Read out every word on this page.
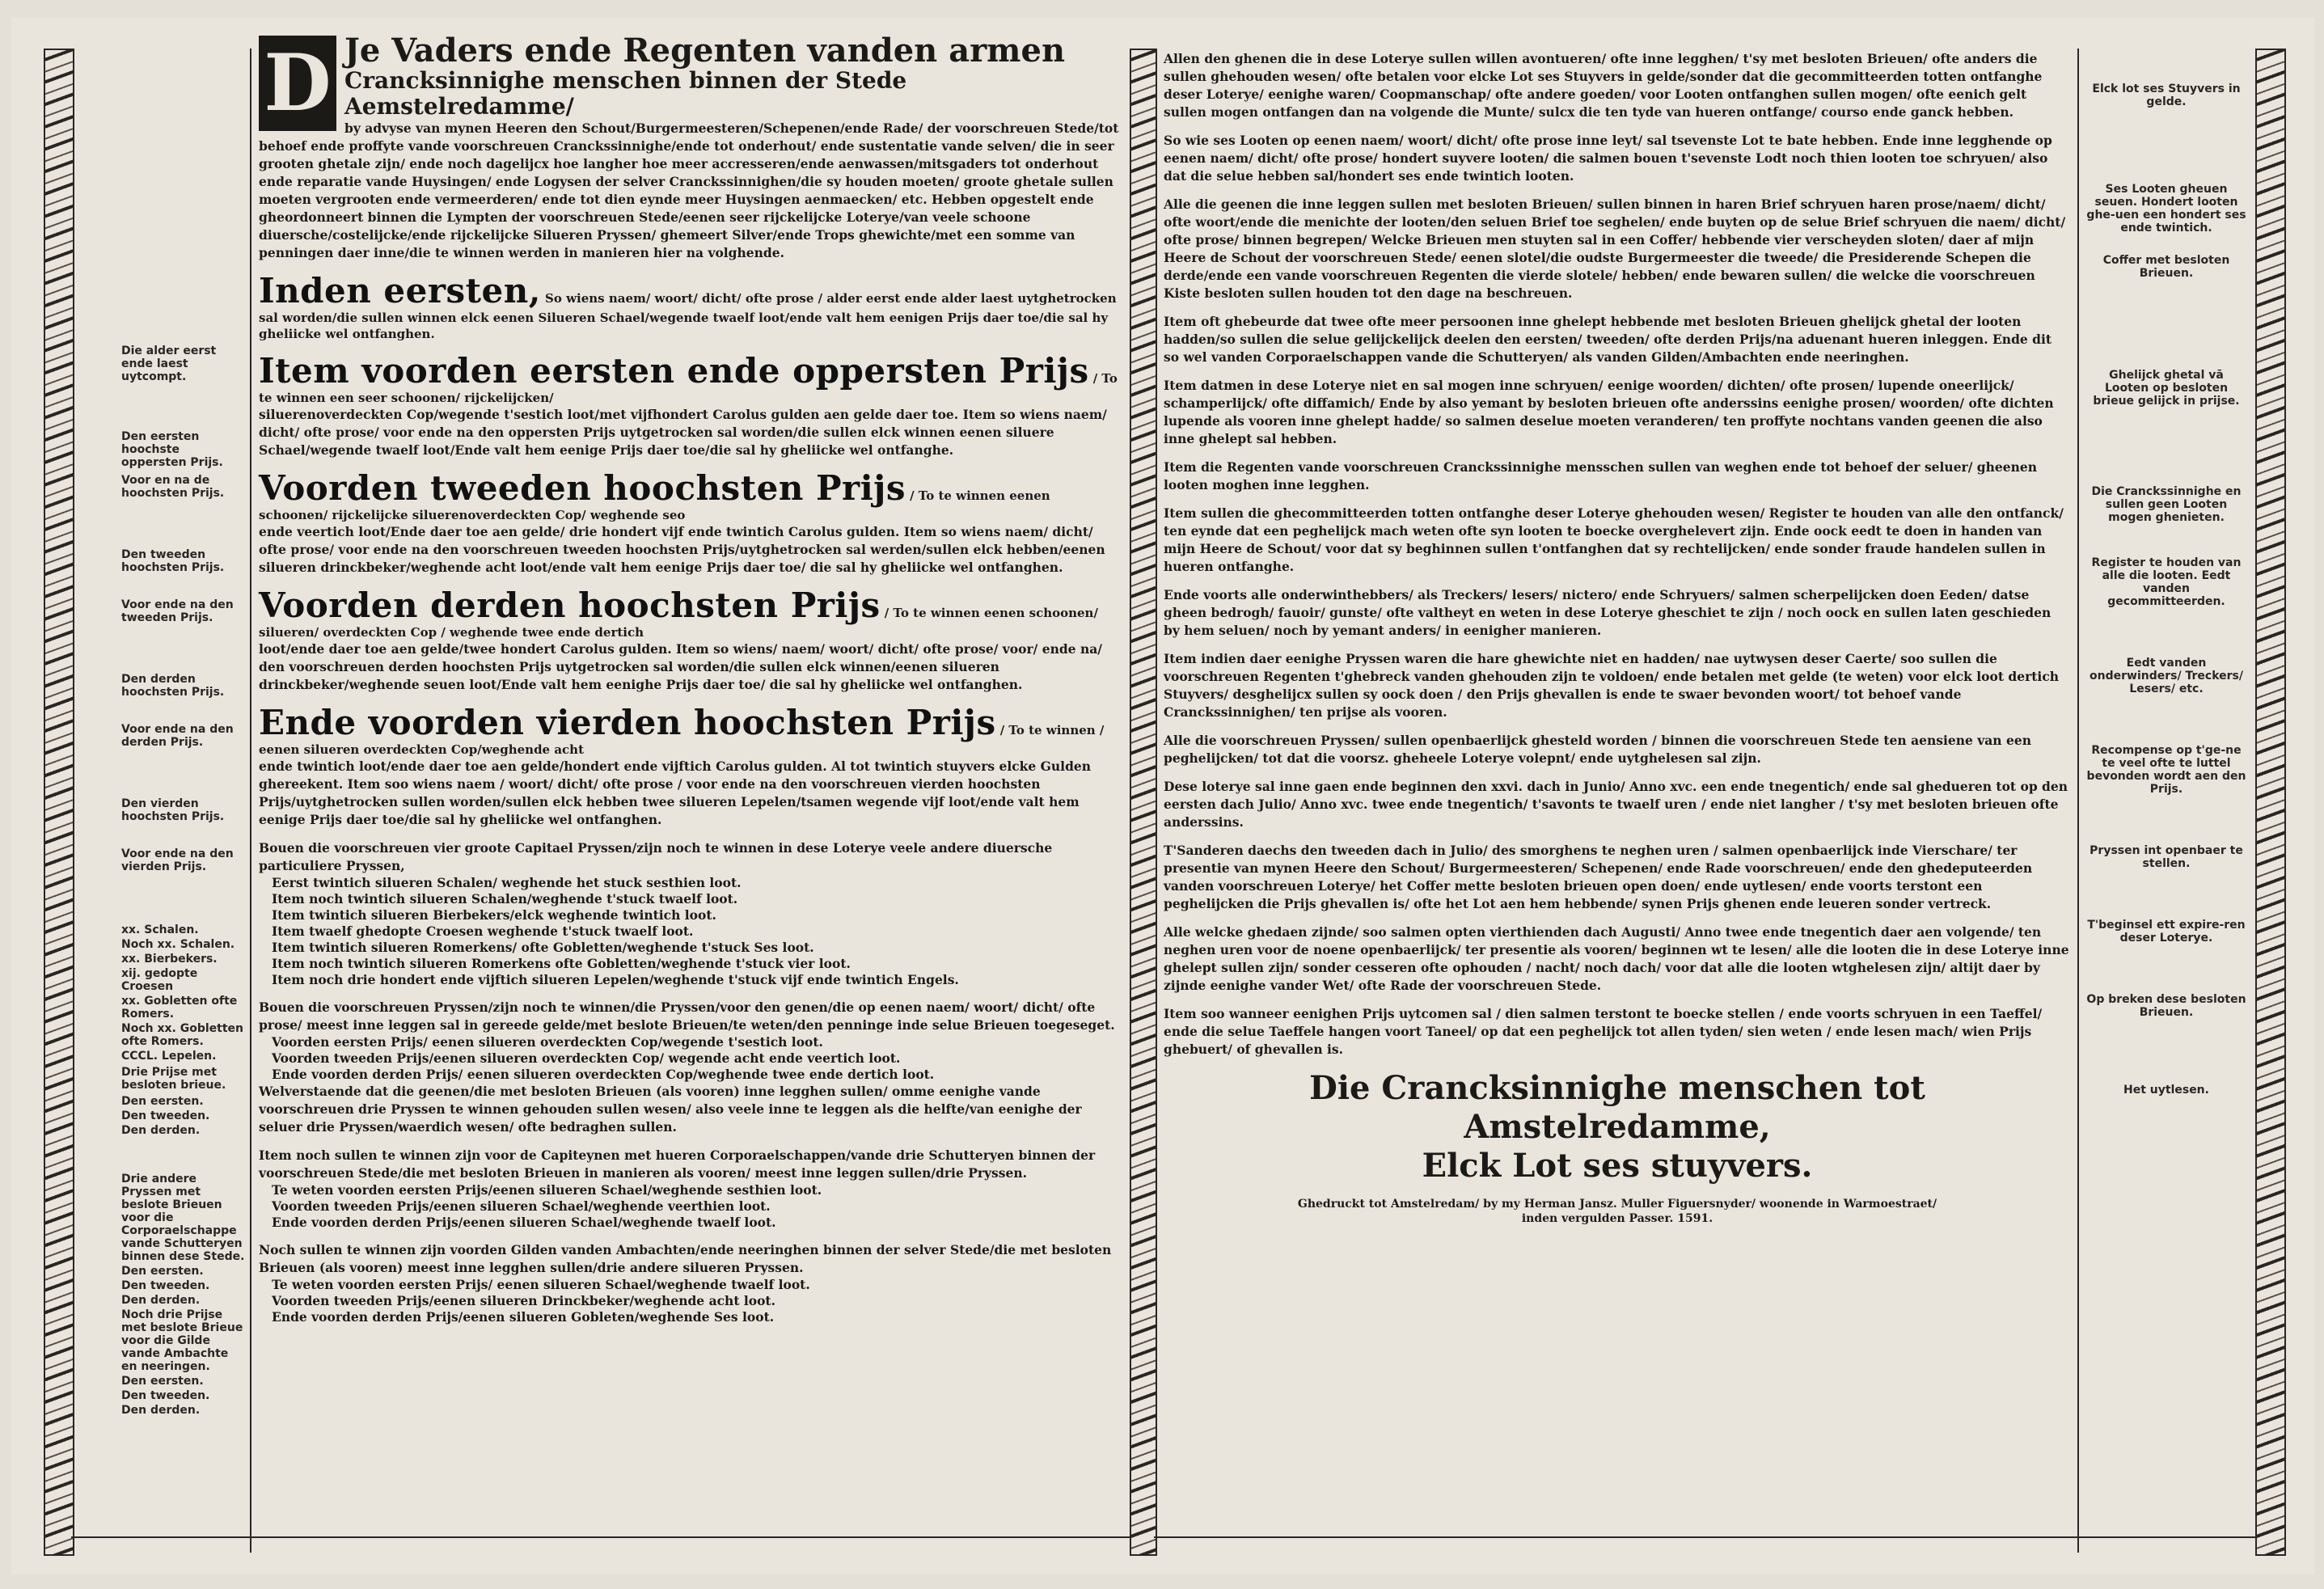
Die alder eerst ende laest uytcompt.
Den eersten hoochste oppersten Prijs.
Voor en na de hoochsten Prijs.
Den tweeden hoochsten Prijs.
Voor ende na den tweeden Prijs.
Den derden hoochsten Prijs.
Voor ende na den derden Prijs.
Den vierden hoochsten Prijs.
Voor ende na den vierden Prijs.
xx. Schalen.
Noch xx. Schalen.
xx. Bierbekers.
xij. gedopte Croesen
xx. Gobletten ofte Romers.
Noch xx. Gobletten ofte Romers.
CCCL. Lepelen.
Drie Prijse met besloten brieue.
Den eersten.
Den tweeden.
Den derden.
Drie andere Pryssen met beslote Brieuen voor die Corporaelschappe vande Schutteryen binnen dese Stede.
Den eersten.
Den tweeden.
Den derden.
Noch drie Prijse met beslote Brieue voor die Gilde vande Ambachte en neeringen.
Den eersten.
Den tweeden.
Den derden.
D Je Vaders ende Regenten vanden armen
Crancksinnighe menschen binnen der Stede Aemstelredamme/

by advyse van mynen Heeren den Schout/Burgermeesteren/Schepenen/ende Rade/ der voorschreuen Stede/tot behoef ende proffyte vande voorschreuen Cranckssinnighe/ende tot onderhout/ ende sustentatie vande selven/ die in seer grooten ghetale zijn/ ende noch dagelijcx hoe langher hoe meer accresseren/ende aenwassen/mitsgaders tot onderhout ende reparatie vande Huysingen/ ende Logysen der selver Cranckssinnighen/die sy houden moeten/ groote ghetale sullen moeten vergrooten ende vermeerderen/ ende tot dien eynde meer Huysingen aenmaecken/ etc. Hebben opgestelt ende gheordonneert binnen die Lympten der voorschreuen Stede/eenen seer rijckelijcke Loterye/van veele schoone diuersche/costelijcke/ende rijckelijcke Silueren Pryssen/ ghemeert Silver/ende Trops ghewichte/met een somme van penningen daer inne/die te winnen werden in manieren hier na volghende.

Inden eersten, So wiens naem/ woort/ dicht/ ofte prose / alder eerst ende alder laest uytghetrocken sal worden/die sullen winnen elck eenen Silueren Schael/wegende twaelf loot/ende valt hem eenigen Prijs daer toe/die sal hy gheliicke wel ontfanghen.
Item voorden eersten ende oppersten Prijs / To te winnen een seer schoonen/ rijckelijcken/

siluerenoverdeckten Cop/wegende t'sestich loot/met vijfhondert Carolus gulden aen gelde daer toe. Item so wiens naem/ dicht/ ofte prose/ voor ende na den oppersten Prijs uytgetrocken sal worden/die sullen elck winnen eenen siluere Schael/wegende twaelf loot/Ende valt hem eenige Prijs daer toe/die sal hy gheliicke wel ontfanghe.

Voorden tweeden hoochsten Prijs / To te winnen eenen schoonen/ rijckelijcke siluerenoverdeckten Cop/ weghende seo

ende veertich loot/Ende daer toe aen gelde/ drie hondert vijf ende twintich Carolus gulden. Item so wiens naem/ dicht/ ofte prose/ voor ende na den voorschreuen tweeden hoochsten Prijs/uytghetrocken sal werden/sullen elck hebben/eenen silueren drinckbeker/weghende acht loot/ende valt hem eenige Prijs daer toe/ die sal hy gheliicke wel ontfanghen.

Voorden derden hoochsten Prijs / To te winnen eenen schoonen/ silueren/ overdeckten Cop / weghende twee ende dertich

loot/ende daer toe aen gelde/twee hondert Carolus gulden. Item so wiens/ naem/ woort/ dicht/ ofte prose/ voor/ ende na/ den voorschreuen derden hoochsten Prijs uytgetrocken sal worden/die sullen elck winnen/eenen silueren drinckbeker/weghende seuen loot/Ende valt hem eenighe Prijs daer toe/ die sal hy gheliicke wel ontfanghen.

Ende voorden vierden hoochsten Prijs / To te winnen / eenen silueren overdeckten Cop/weghende acht

ende twintich loot/ende daer toe aen gelde/hondert ende vijftich Carolus gulden. Al tot twintich stuyvers elcke Gulden ghereekent. Item soo wiens naem / woort/ dicht/ ofte prose / voor ende na den voorschreuen vierden hoochsten Prijs/uytghetrocken sullen worden/sullen elck hebben twee silueren Lepelen/tsamen wegende vijf loot/ende valt hem eenige Prijs daer toe/die sal hy gheliicke wel ontfanghen.

Bouen die voorschreuen vier groote Capitael Pryssen/zijn noch te winnen in dese Loterye veele andere diuersche particuliere Pryssen,

Eerst twintich silueren Schalen/ weghende het stuck sesthien loot.
Item noch twintich silueren Schalen/weghende t'stuck twaelf loot.
Item twintich silueren Bierbekers/elck weghende twintich loot.
Item twaelf ghedopte Croesen weghende t'stuck twaelf loot.
Item twintich silueren Romerkens/ ofte Gobletten/weghende t'stuck Ses loot.
Item noch twintich silueren Romerkens ofte Gobletten/weghende t'stuck vier loot.
Item noch drie hondert ende vijftich silueren Lepelen/weghende t'stuck vijf ende twintich Engels.

Bouen die voorschreuen Pryssen/zijn noch te winnen/die Pryssen/voor den genen/die op eenen naem/ woort/ dicht/ ofte prose/ meest inne leggen sal in gereede gelde/met beslote Brieuen/te weten/den penninge inde selue Brieuen toegeseget.

Voorden eersten Prijs/ eenen silueren overdeckten Cop/wegende t'sestich loot.
Voorden tweeden Prijs/eenen silueren overdeckten Cop/ wegende acht ende veertich loot.
Ende voorden derden Prijs/ eenen silueren overdeckten Cop/weghende twee ende dertich loot.

Welverstaende dat die geenen/die met besloten Brieuen (als vooren) inne legghen sullen/ omme eenighe vande voorschreuen drie Pryssen te winnen gehouden sullen wesen/ also veele inne te leggen als die helfte/van eenighe der seluer drie Pryssen/waerdich wesen/ ofte bedraghen sullen.

Item noch sullen te winnen zijn voor de Capiteynen met hueren Corporaelschappen/vande drie Schutteryen binnen der voorschreuen Stede/die met besloten Brieuen in manieren als vooren/ meest inne leggen sullen/drie Pryssen.

Te weten voorden eersten Prijs/eenen silueren Schael/weghende sesthien loot.
Voorden tweeden Prijs/eenen silueren Schael/weghende veerthien loot.
Ende voorden derden Prijs/eenen silueren Schael/weghende twaelf loot.

Noch sullen te winnen zijn voorden Gilden vanden Ambachten/ende neeringhen binnen der selver Stede/die met besloten Brieuen (als vooren) meest inne legghen sullen/drie andere silueren Pryssen.

Te weten voorden eersten Prijs/ eenen silueren Schael/weghende twaelf loot.
Voorden tweeden Prijs/eenen silueren Drinckbeker/weghende acht loot.
Ende voorden derden Prijs/eenen silueren Gobleten/weghende Ses loot.

Allen den ghenen die in dese Loterye sullen willen avontueren/ ofte inne legghen/ t'sy met besloten Brieuen/ ofte anders die sullen ghehouden wesen/ ofte betalen voor elcke Lot ses Stuyvers in gelde/sonder dat die gecommitteerden totten ontfanghe deser Loterye/ eenighe waren/ Coopmanschap/ ofte andere goeden/ voor Looten ontfanghen sullen mogen/ ofte eenich gelt sullen mogen ontfangen dan na volgende die Munte/ sulcx die ten tyde van hueren ontfange/ courso ende ganck hebben.

So wie ses Looten op eenen naem/ woort/ dicht/ ofte prose inne leyt/ sal tsevenste Lot te bate hebben. Ende inne legghende op eenen naem/ dicht/ ofte prose/ hondert suyvere looten/ die salmen bouen t'sevenste Lodt noch thien looten toe schryuen/ also dat die selue hebben sal/hondert ses ende twintich looten.

Alle die geenen die inne leggen sullen met besloten Brieuen/ sullen binnen in haren Brief schryuen haren prose/naem/ dicht/ ofte woort/ende die menichte der looten/den seluen Brief toe seghelen/ ende buyten op de selue Brief schryuen die naem/ dicht/ ofte prose/ binnen begrepen/ Welcke Brieuen men stuyten sal in een Coffer/ hebbende vier verscheyden sloten/ daer af mijn Heere de Schout der voorschreuen Stede/ eenen slotel/die oudste Burgermeester die tweede/ die Presiderende Schepen die derde/ende een vande voorschreuen Regenten die vierde slotele/ hebben/ ende bewaren sullen/ die welcke die voorschreuen Kiste besloten sullen houden tot den dage na beschreuen.

Item oft ghebeurde dat twee ofte meer persoonen inne ghelept hebbende met besloten Brieuen ghelijck ghetal der looten hadden/so sullen die selue gelijckelijck deelen den eersten/ tweeden/ ofte derden Prijs/na aduenant hueren inleggen. Ende dit so wel vanden Corporaelschappen vande die Schutteryen/ als vanden Gilden/Ambachten ende neeringhen.

Item datmen in dese Loterye niet en sal mogen inne schryuen/ eenige woorden/ dichten/ ofte prosen/ lupende oneerlijck/ schamperlijck/ ofte diffamich/ Ende by also yemant by besloten brieuen ofte anderssins eenighe prosen/ woorden/ ofte dichten lupende als vooren inne ghelept hadde/ so salmen deselue moeten veranderen/ ten proffyte nochtans vanden geenen die also inne ghelept sal hebben.

Item die Regenten vande voorschreuen Cranckssinnighe mensschen sullen van weghen ende tot behoef der seluer/ gheenen looten moghen inne legghen.

Item sullen die ghecommitteerden totten ontfanghe deser Loterye ghehouden wesen/ Register te houden van alle den ontfanck/ ten eynde dat een peghelijck mach weten ofte syn looten te boecke overghelevert zijn. Ende oock eedt te doen in handen van mijn Heere de Schout/ voor dat sy beghinnen sullen t'ontfanghen dat sy rechtelijcken/ ende sonder fraude handelen sullen in hueren ontfanghe.

Ende voorts alle onderwinthebbers/ als Treckers/ lesers/ nictero/ ende Schryuers/ salmen scherpelijcken doen Eeden/ datse gheen bedrogh/ fauoir/ gunste/ ofte valtheyt en weten in dese Loterye gheschiet te zijn / noch oock en sullen laten geschieden by hem seluen/ noch by yemant anders/ in eenigher manieren.

Item indien daer eenighe Pryssen waren die hare ghewichte niet en hadden/ nae uytwysen deser Caerte/ soo sullen die voorschreuen Regenten t'ghebreck vanden ghehouden zijn te voldoen/ ende betalen met gelde (te weten) voor elck loot dertich Stuyvers/ desghelijcx sullen sy oock doen / den Prijs ghevallen is ende te swaer bevonden woort/ tot behoef vande Cranckssinnighen/ ten prijse als vooren.

Alle die voorschreuen Pryssen/ sullen openbaerlijck ghesteld worden / binnen die voorschreuen Stede ten aensiene van een peghelijcken/ tot dat die voorsz. gheheele Loterye volepnt/ ende uytghelesen sal zijn.

Dese loterye sal inne gaen ende beginnen den xxvi. dach in Junio/ Anno xvc. een ende tnegentich/ ende sal ghedueren tot op den eersten dach Julio/ Anno xvc. twee ende tnegentich/ t'savonts te twaelf uren / ende niet langher / t'sy met besloten brieuen ofte anderssins.

T'Sanderen daechs den tweeden dach in Julio/ des smorghens te neghen uren / salmen openbaerlijck inde Vierschare/ ter presentie van mynen Heere den Schout/ Burgermeesteren/ Schepenen/ ende Rade voorschreuen/ ende den ghedeputeerden vanden voorschreuen Loterye/ het Coffer mette besloten brieuen open doen/ ende uytlesen/ ende voorts terstont een peghelijcken die Prijs ghevallen is/ ofte het Lot aen hem hebbende/ synen Prijs ghenen ende leueren sonder vertreck.

Alle welcke ghedaen zijnde/ soo salmen opten vierthienden dach Augusti/ Anno twee ende tnegentich daer aen volgende/ ten neghen uren voor de noene openbaerlijck/ ter presentie als vooren/ beginnen wt te lesen/ alle die looten die in dese Loterye inne ghelept sullen zijn/ sonder cesseren ofte ophouden / nacht/ noch dach/ voor dat alle die looten wtghelesen zijn/ altijt daer by zijnde eenighe vander Wet/ ofte Rade der voorschreuen Stede.

Item soo wanneer eenighen Prijs uytcomen sal / dien salmen terstont te boecke stellen / ende voorts schryuen in een Taeffel/ ende die selue Taeffele hangen voort Taneel/ op dat een peghelijck tot allen tyden/ sien weten / ende lesen mach/ wien Prijs ghebuert/ of ghevallen is.

Die Crancksinnighe menschen tot Amstelredamme,
Elck Lot ses stuyvers.
Ghedruckt tot Amstelredam/ by my Herman Jansz. Muller Figuersnyder/ woonende in Warmoestraet/
inden vergulden Passer. 1591.
Elck lot ses Stuyvers in gelde.
Ses Looten gheuen seuen. Hondert looten ghe-uen een hondert ses ende twintich.
Coffer met besloten Brieuen.
Ghelijck ghetal vā Looten op besloten brieue gelijck in prijse.
Die Cranckssinnighe en sullen geen Looten mogen ghenieten.
Register te houden van alle die looten. Eedt vanden gecommitteerden.
Eedt vanden onderwinders/ Treckers/ Lesers/ etc.
Recompense op t'ge-ne te veel ofte te luttel bevonden wordt aen den Prijs.
Pryssen int openbaer te stellen.
T'beginsel ett expire-ren deser Loterye.
Op breken dese besloten Brieuen.
Het uytlesen.
